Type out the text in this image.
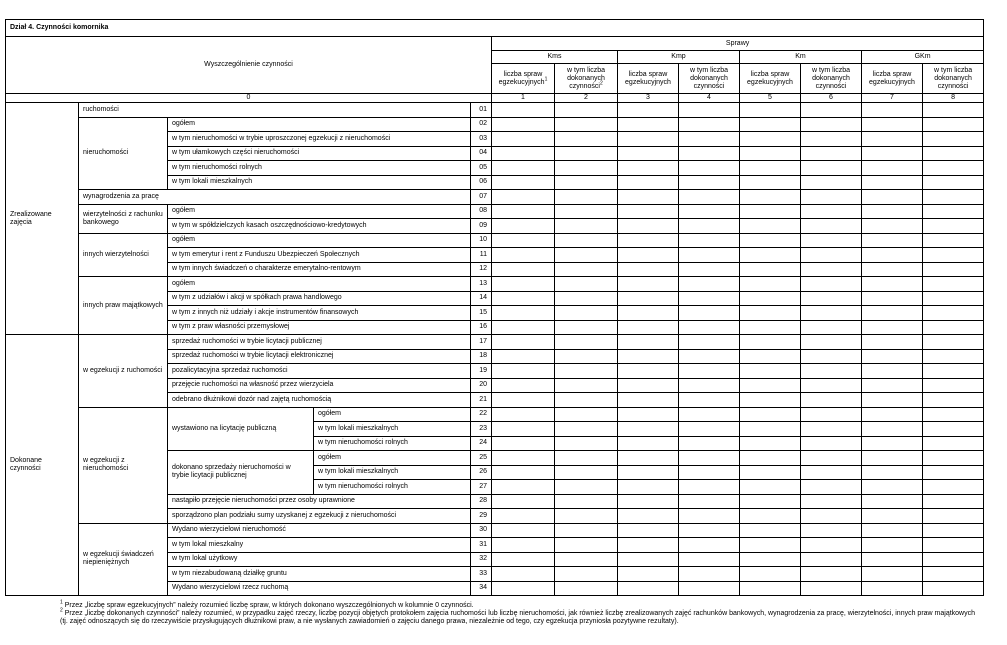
Dział 4. Czynności komornika												
Wyszczególnienie czynności					Sprawy							
					Kms		Kmp		Km		GKm	
					liczba spraw egzekucyjnych$^1$	w tym liczba dokonanych czynności$^2$	liczba spraw egzekucyjnych	w tym liczba dokonanych czynności	liczba spraw egzekucyjnych	w tym liczba dokonanych czynności	liczba spraw egzekucyjnych	w tym liczba dokonanych czynności
0					1	2	3	4	5	6	7	8
Zrealizowane zajęcia	ruchomości			01								
	nieruchomości	ogółem		02								
		w tym nieruchomości w trybie uproszczonej egzekucji z nieruchomości		03								
		w tym ułamkowych części nieruchomości		04								
		w tym nieruchomości rolnych		05								
		w tym lokali mieszkalnych		06								
	wynagrodzenia za pracę			07								
	wierzytelności z rachunku bankowego	ogółem		08								
		w tym w spółdzielczych kasach oszczędnościowo-kredytowych		09								
	innych wierzytelności	ogółem		10								
		w tym emerytur i rent z Funduszu Ubezpieczeń Społecznych		11								
		w tym innych świadczeń o charakterze emerytalno-rentowym		12								
	innych praw majątkowych	ogółem		13								
		w tym z udziałów i akcji w spółkach prawa handlowego		14								
		w tym z innych niż udziały i akcje instrumentów finansowych		15								
		w tym z praw własności przemysłowej		16								
Dokonane czynności	w egzekucji z ruchomości	sprzedaż ruchomości w trybie licytacji publicznej		17								
		sprzedaż ruchomości w trybie licytacji elektronicznej		18								
		pozalicytacyjna sprzedaż ruchomości		19								
		przejęcie ruchomości na własność przez wierzyciela		20								
		odebrano dłużnikowi dozór nad zajętą ruchomością		21								
	w egzekucji z nieruchomości	wystawiono na licytację publiczną	ogółem	22								
			w tym lokali mieszkalnych	23								
			w tym nieruchomości rolnych	24								
		dokonano sprzedaży nieruchomości w trybie licytacji publicznej	ogółem	25								
			w tym lokali mieszkalnych	26								
			w tym nieruchomości rolnych	27								
		nastąpiło przejęcie nieruchomości przez osoby uprawnione		28								
		sporządzono plan podziału sumy uzyskanej z egzekucji z nieruchomości		29								
	w egzekucji świadczeń niepieniężnych	Wydano wierzycielowi nieruchomość		30								
		w tym lokal mieszkalny		31								
		w tym lokal użytkowy		32								
		w tym niezabudowaną działkę gruntu		33								
		Wydano wierzycielowi rzecz ruchomą		34								

$^1$ Przez „liczbę spraw egzekucyjnych” należy rozumieć liczbę spraw, w których dokonano wyszczególnionych w kolumnie 0 czynności.

$^2$ Przez „liczbę dokonanych czynności” należy rozumieć, w przypadku zajęć rzeczy, liczbę pozycji objętych protokołem zajęcia ruchomości lub liczbę nieruchomości, jak również liczbę zrealizowanych zajęć rachunków bankowych, wynagrodzenia za pracę, wierzytelności, innych praw majątkowych (tj. zajęć odnoszących się do rzeczywiście przysługujących dłużnikowi praw, a nie wysłanych zawiadomień o zajęciu danego prawa, niezależnie od tego, czy egzekucja przyniosła pozytywne rezultaty).
